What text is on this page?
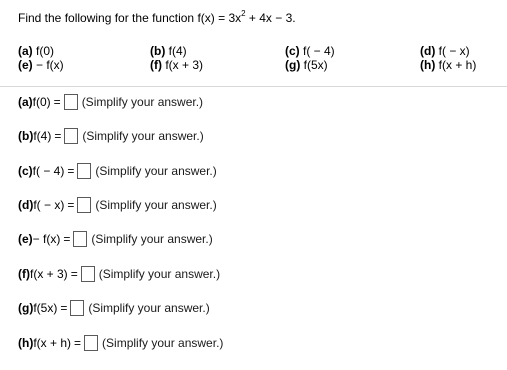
Find the following for the function $f(x) = 3x^2 + 4x - 3$.
(a) f(0)
(e) − f(x)
(b) f(4)
(f) f(x + 3)
(c) f( − 4)
(g) f(5x)
(d) f( − x)
(h) f(x + h)
(a) f(0) = (Simplify your answer.)
(b) f(4) = (Simplify your answer.)
(c) f( − 4) = (Simplify your answer.)
(d) f( − x) = (Simplify your answer.)
(e) − f(x) = (Simplify your answer.)
(f) f(x + 3) = (Simplify your answer.)
(g) f(5x) = (Simplify your answer.)
(h) f(x + h) = (Simplify your answer.)
